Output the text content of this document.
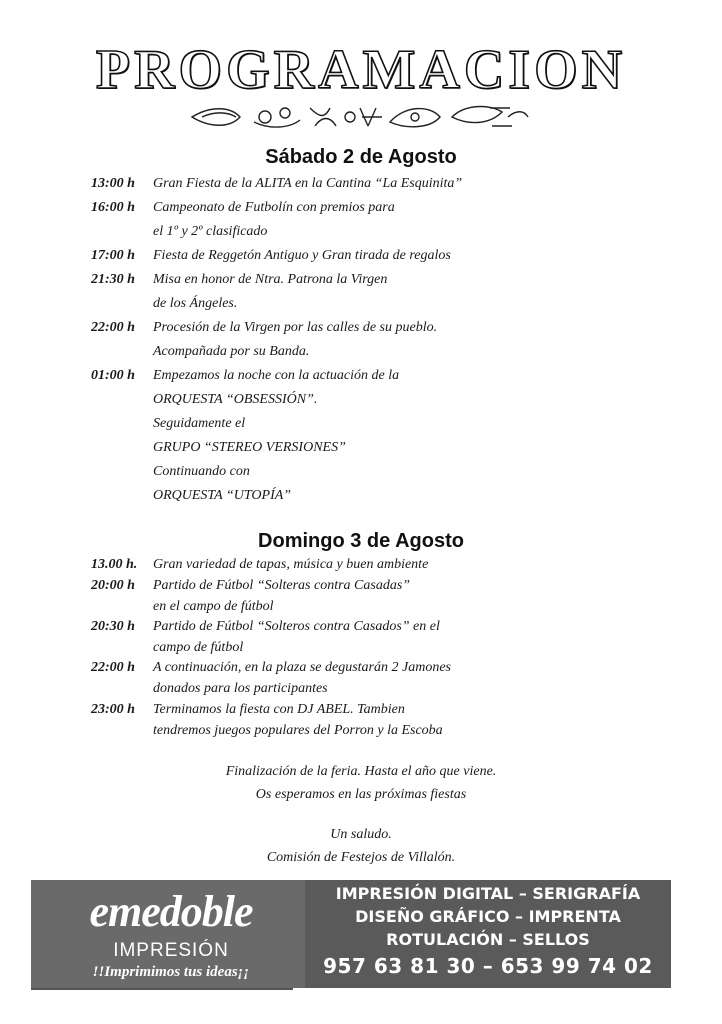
PROGRAMACION
Sábado 2 de Agosto
13:00 h	Gran Fiesta de la ALITA en la Cantina “La Esquinita”
16:00 h	Campeonato de Futbolín con premios para
el 1º y 2º clasificado
17:00 h	Fiesta de Reggetón Antiguo y Gran tirada de regalos
21:30 h	Misa en honor de Ntra. Patrona la Virgen
de los Ángeles.
22:00 h	Procesión de la Virgen por las calles de su pueblo.
Acompañada por su Banda.
01:00 h	Empezamos la noche con la actuación de la
ORQUESTA “OBSESSIÓN”.
Seguidamente el
GRUPO “STEREO VERSIONES”
Continuando con
ORQUESTA “UTOPÍA”
Domingo 3 de Agosto
13.00 h.	Gran variedad de tapas, música y buen ambiente
20:00 h	Partido de Fútbol “Solteras contra Casadas”
en el campo de fútbol
20:30 h	Partido de Fútbol “Solteros contra Casados” en el
campo de fútbol
22:00 h	A continuación, en la plaza se degustarán 2 Jamones
donados para los participantes
23:00 h	Terminamos la fiesta con DJ ABEL. Tambien
tendremos juegos populares del Porron y la Escoba
Finalización de la feria. Hasta el año que viene.
Os esperamos en las próximas fiestas
Un saludo.
Comisión de Festejos de Villalón.
emedoble
IMPRESIÓN
!!Imprimimos tus ideas¡¡
IMPRESIÓN DIGITAL – SERIGRAFÍA
DISEÑO GRÁFICO – IMPRENTA
ROTULACIÓN – SELLOS
957 63 81 30 – 653 99 74 02
